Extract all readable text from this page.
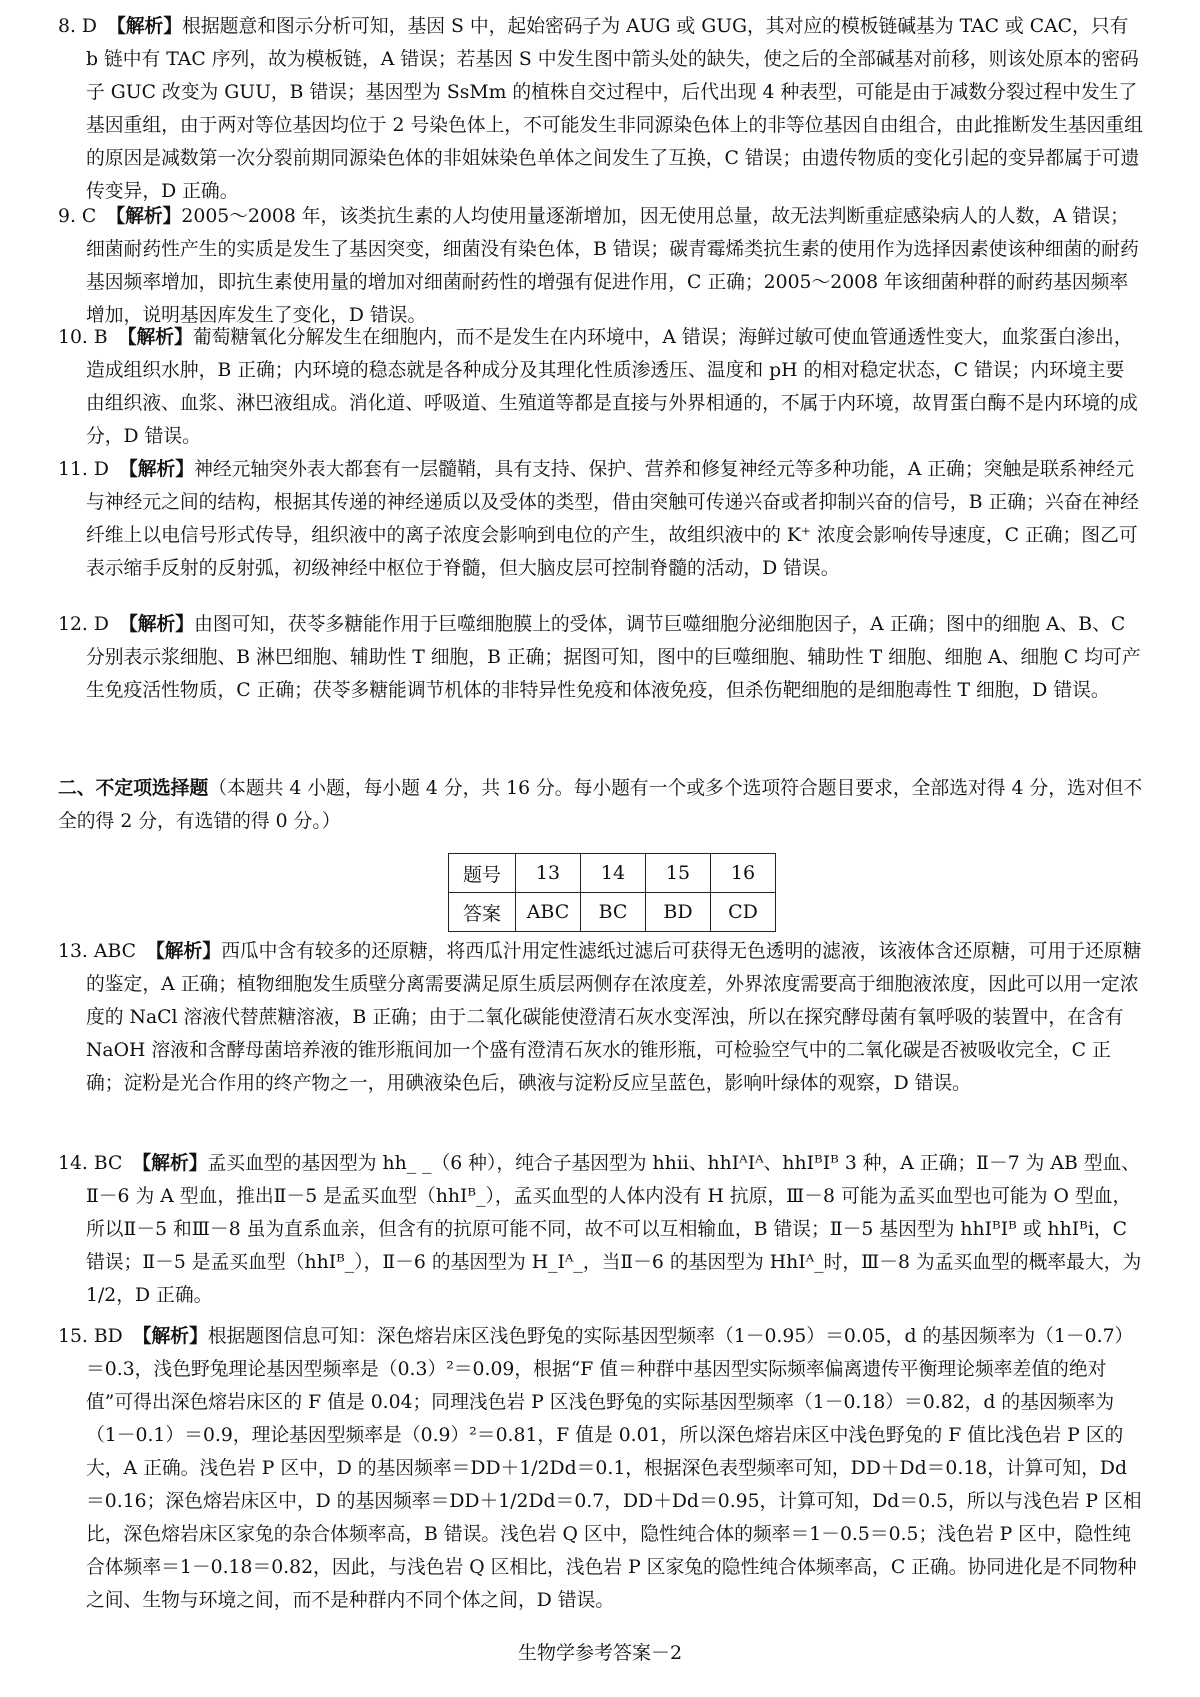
8. D 【解析】根据题意和图示分析可知，基因 S 中，起始密码子为 AUG 或 GUG，其对应的模板链碱基为 TAC 或 CAC，只有 b 链中有 TAC 序列，故为模板链，A 错误；若基因 S 中发生图中箭头处的缺失，使之后的全部碱基对前移，则该处原本的密码子 GUC 改变为 GUU，B 错误；基因型为 SsMm 的植株自交过程中，后代出现 4 种表型，可能是由于减数分裂过程中发生了基因重组，由于两对等位基因均位于 2 号染色体上，不可能发生非同源染色体上的非等位基因自由组合，由此推断发生基因重组的原因是减数第一次分裂前期同源染色体的非姐妹染色单体之间发生了互换，C 错误；由遗传物质的变化引起的变异都属于可遗传变异，D 正确。
9. C 【解析】2005～2008 年，该类抗生素的人均使用量逐渐增加，因无使用总量，故无法判断重症感染病人的人数，A 错误；细菌耐药性产生的实质是发生了基因突变，细菌没有染色体，B 错误；碳青霉烯类抗生素的使用作为选择因素使该种细菌的耐药基因频率增加，即抗生素使用量的增加对细菌耐药性的增强有促进作用，C 正确；2005～2008 年该细菌种群的耐药基因频率增加，说明基因库发生了变化，D 错误。
10. B 【解析】葡萄糖氧化分解发生在细胞内，而不是发生在内环境中，A 错误；海鲜过敏可使血管通透性变大，血浆蛋白渗出，造成组织水肿，B 正确；内环境的稳态就是各种成分及其理化性质渗透压、温度和 pH 的相对稳定状态，C 错误；内环境主要由组织液、血浆、淋巴液组成。消化道、呼吸道、生殖道等都是直接与外界相通的，不属于内环境，故胃蛋白酶不是内环境的成分，D 错误。
11. D 【解析】神经元轴突外表大都套有一层髓鞘，具有支持、保护、营养和修复神经元等多种功能，A 正确；突触是联系神经元与神经元之间的结构，根据其传递的神经递质以及受体的类型，借由突触可传递兴奋或者抑制兴奋的信号，B 正确；兴奋在神经纤维上以电信号形式传导，组织液中的离子浓度会影响到电位的产生，故组织液中的 K⁺ 浓度会影响传导速度，C 正确；图乙可表示缩手反射的反射弧，初级神经中枢位于脊髓，但大脑皮层可控制脊髓的活动，D 错误。
12. D 【解析】由图可知，茯苓多糖能作用于巨噬细胞膜上的受体，调节巨噬细胞分泌细胞因子，A 正确；图中的细胞 A、B、C 分别表示浆细胞、B 淋巴细胞、辅助性 T 细胞，B 正确；据图可知，图中的巨噬细胞、辅助性 T 细胞、细胞 A、细胞 C 均可产生免疫活性物质，C 正确；茯苓多糖能调节机体的非特异性免疫和体液免疫，但杀伤靶细胞的是细胞毒性 T 细胞，D 错误。
二、不定项选择题（本题共 4 小题，每小题 4 分，共 16 分。每小题有一个或多个选项符合题目要求，全部选对得 4 分，选对但不全的得 2 分，有选错的得 0 分。）
题号	13	14	15	16
答案	ABC	BC	BD	CD
13. ABC 【解析】西瓜中含有较多的还原糖，将西瓜汁用定性滤纸过滤后可获得无色透明的滤液，该液体含还原糖，可用于还原糖的鉴定，A 正确；植物细胞发生质壁分离需要满足原生质层两侧存在浓度差，外界浓度需要高于细胞液浓度，因此可以用一定浓度的 NaCl 溶液代替蔗糖溶液，B 正确；由于二氧化碳能使澄清石灰水变浑浊，所以在探究酵母菌有氧呼吸的装置中，在含有 NaOH 溶液和含酵母菌培养液的锥形瓶间加一个盛有澄清石灰水的锥形瓶，可检验空气中的二氧化碳是否被吸收完全，C 正确；淀粉是光合作用的终产物之一，用碘液染色后，碘液与淀粉反应呈蓝色，影响叶绿体的观察，D 错误。
14. BC 【解析】孟买血型的基因型为 hh_ _（6 种），纯合子基因型为 hhii、hhIᴬIᴬ、hhIᴮIᴮ 3 种，A 正确；Ⅱ－7 为 AB 型血、Ⅱ－6 为 A 型血，推出Ⅱ－5 是孟买血型（hhIᴮ_），孟买血型的人体内没有 H 抗原，Ⅲ－8 可能为孟买血型也可能为 O 型血，所以Ⅱ－5 和Ⅲ－8 虽为直系血亲，但含有的抗原可能不同，故不可以互相输血，B 错误；Ⅱ－5 基因型为 hhIᴮIᴮ 或 hhIᴮi，C 错误；Ⅱ－5 是孟买血型（hhIᴮ_），Ⅱ－6 的基因型为 H_Iᴬ_，当Ⅱ－6 的基因型为 HhIᴬ_时，Ⅲ－8 为孟买血型的概率最大，为 1/2，D 正确。
15. BD 【解析】根据题图信息可知：深色熔岩床区浅色野兔的实际基因型频率（1－0.95）＝0.05，d 的基因频率为（1－0.7）＝0.3，浅色野兔理论基因型频率是（0.3）²＝0.09，根据“F 值＝种群中基因型实际频率偏离遗传平衡理论频率差值的绝对值”可得出深色熔岩床区的 F 值是 0.04；同理浅色岩 P 区浅色野兔的实际基因型频率（1－0.18）＝0.82，d 的基因频率为（1－0.1）＝0.9，理论基因型频率是（0.9）²＝0.81，F 值是 0.01，所以深色熔岩床区中浅色野兔的 F 值比浅色岩 P 区的大，A 正确。浅色岩 P 区中，D 的基因频率＝DD＋1/2Dd＝0.1，根据深色表型频率可知，DD＋Dd＝0.18，计算可知，Dd＝0.16；深色熔岩床区中，D 的基因频率＝DD＋1/2Dd＝0.7，DD＋Dd＝0.95，计算可知，Dd＝0.5，所以与浅色岩 P 区相比，深色熔岩床区家兔的杂合体频率高，B 错误。浅色岩 Q 区中，隐性纯合体的频率＝1－0.5＝0.5；浅色岩 P 区中，隐性纯合体频率＝1－0.18＝0.82，因此，与浅色岩 Q 区相比，浅色岩 P 区家兔的隐性纯合体频率高，C 正确。协同进化是不同物种之间、生物与环境之间，而不是种群内不同个体之间，D 错误。
生物学参考答案－2
